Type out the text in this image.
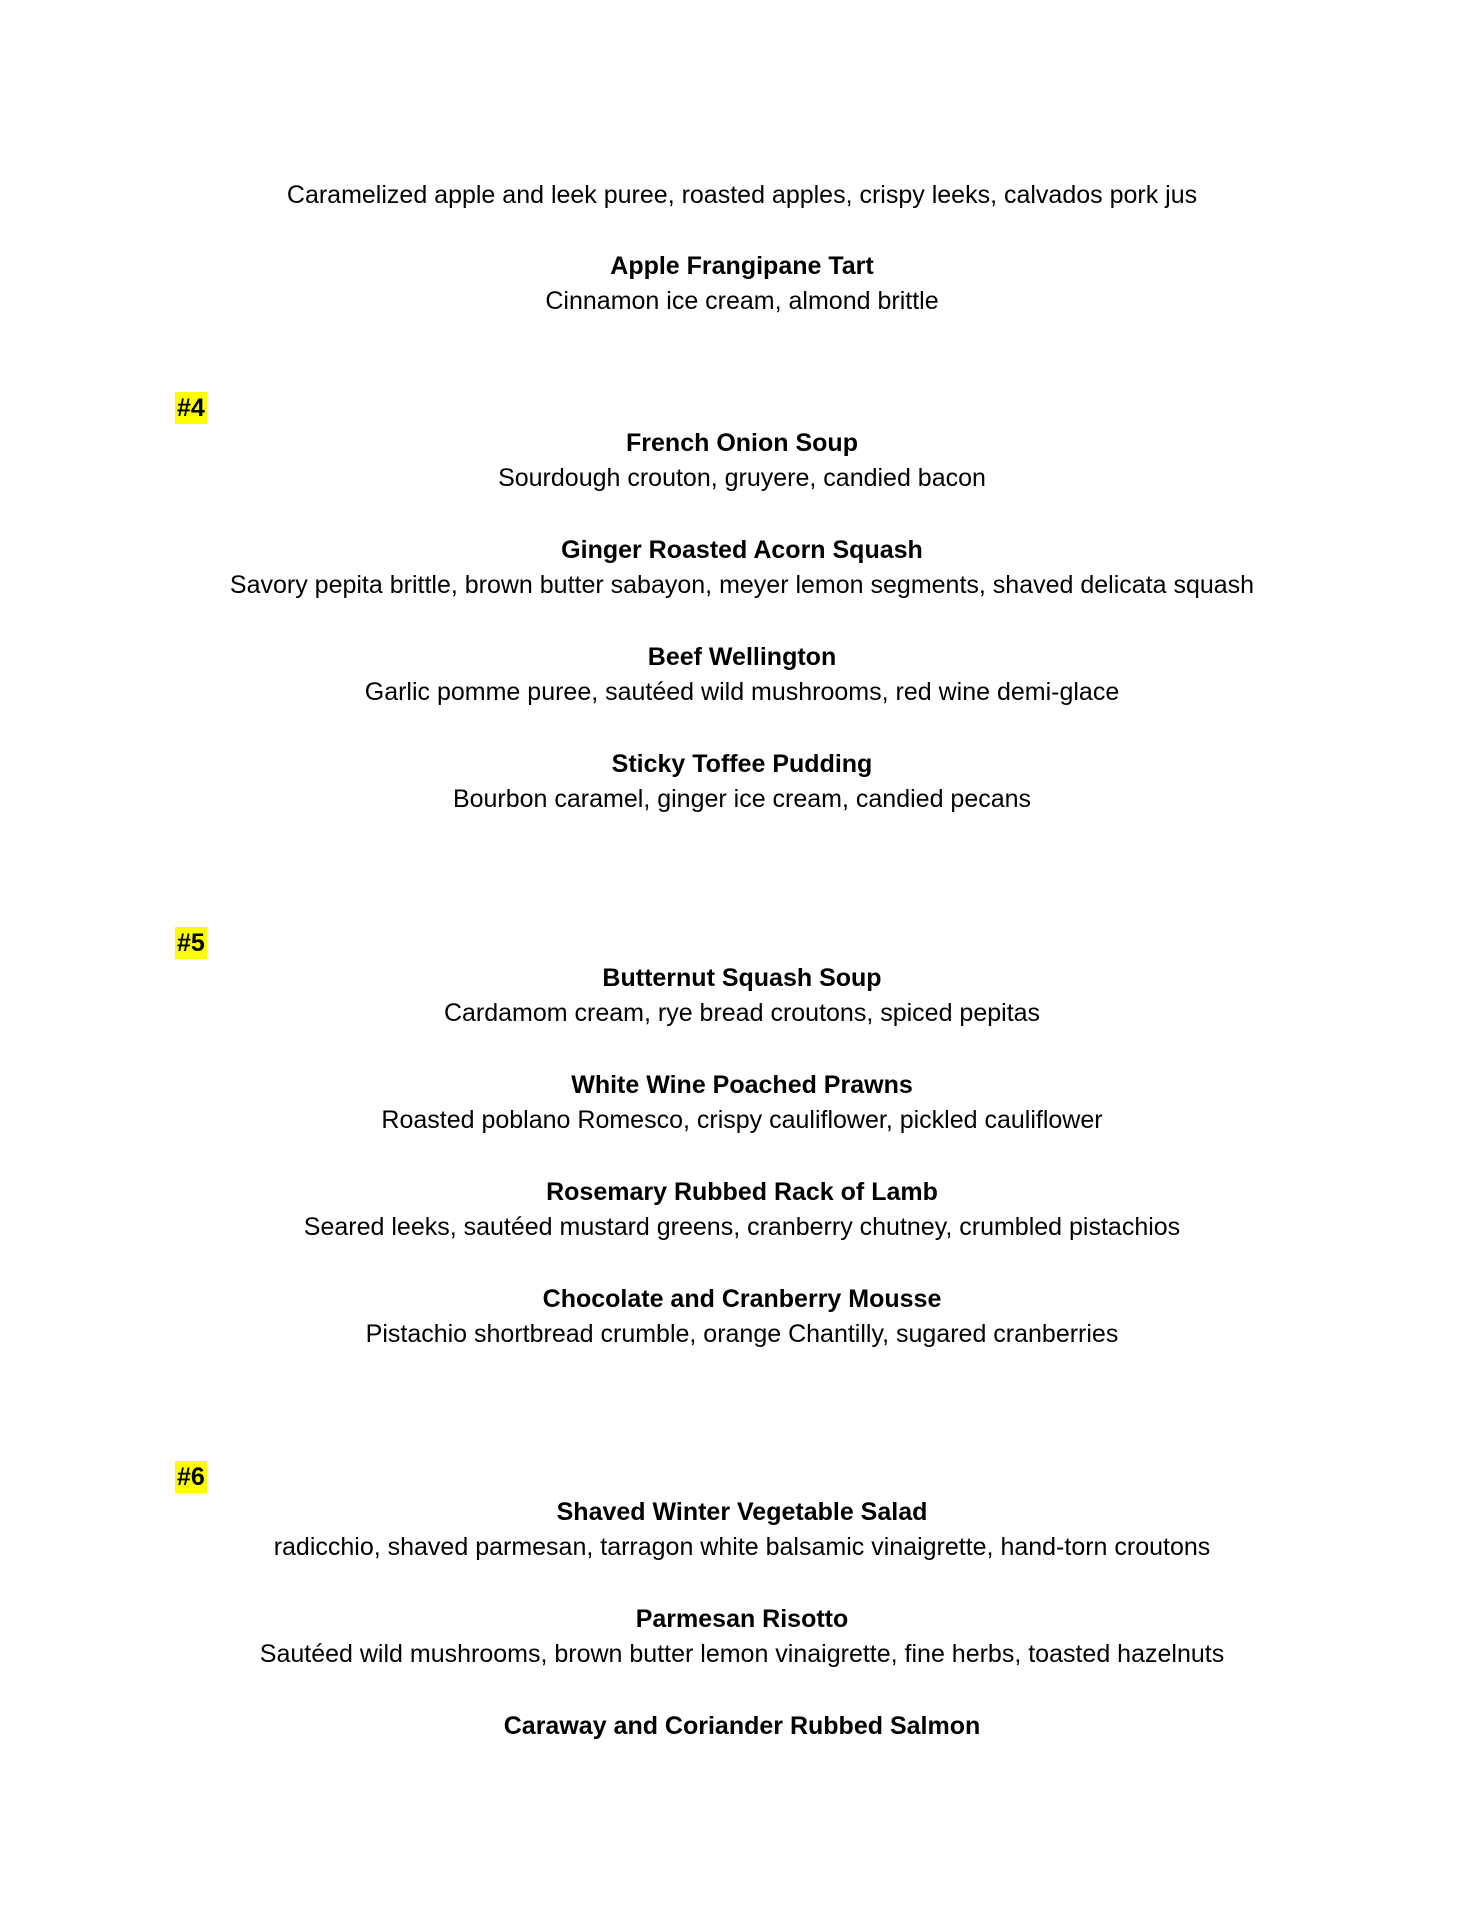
Caramelized apple and leek puree, roasted apples, crispy leeks, calvados pork jus
Apple Frangipane Tart
Cinnamon ice cream, almond brittle
#4
French Onion Soup
Sourdough crouton, gruyere, candied bacon
Ginger Roasted Acorn Squash
Savory pepita brittle, brown butter sabayon, meyer lemon segments, shaved delicata squash
Beef Wellington
Garlic pomme puree, sautéed wild mushrooms, red wine demi-glace
Sticky Toffee Pudding
Bourbon caramel, ginger ice cream, candied pecans
#5
Butternut Squash Soup
Cardamom cream, rye bread croutons, spiced pepitas
White Wine Poached Prawns
Roasted poblano Romesco, crispy cauliflower, pickled cauliflower
Rosemary Rubbed Rack of Lamb
Seared leeks, sautéed mustard greens, cranberry chutney, crumbled pistachios
Chocolate and Cranberry Mousse
Pistachio shortbread crumble, orange Chantilly, sugared cranberries
#6
Shaved Winter Vegetable Salad
radicchio, shaved parmesan, tarragon white balsamic vinaigrette, hand-torn croutons
Parmesan Risotto
Sautéed wild mushrooms, brown butter lemon vinaigrette, fine herbs, toasted hazelnuts
Caraway and Coriander Rubbed Salmon
